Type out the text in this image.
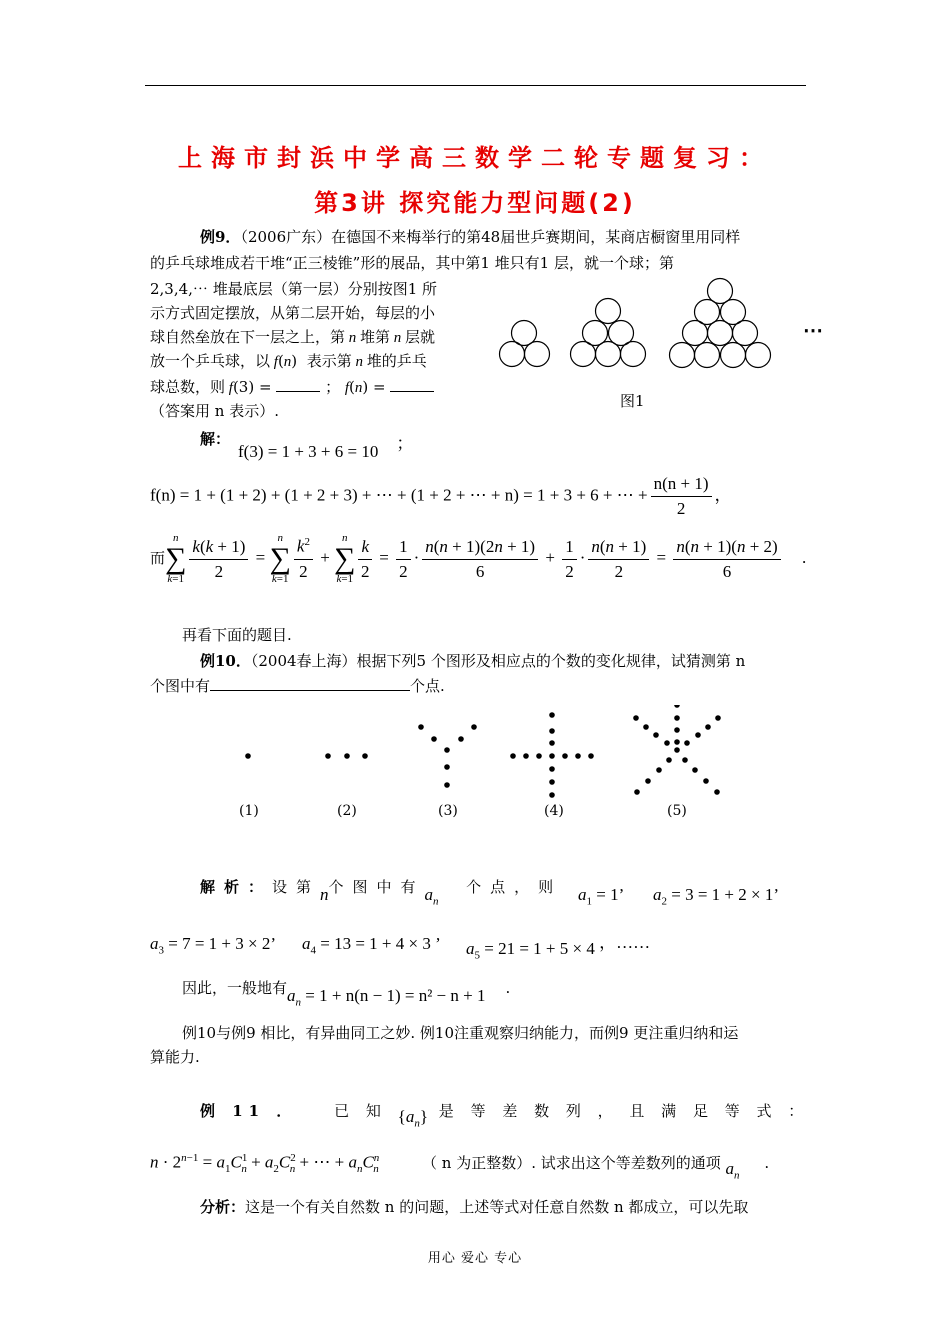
上海市封浜中学高三数学二轮专题复习：
第3讲 探究能力型问题(2)
例9．（2006广东）在德国不来梅举行的第48届世乒赛期间，某商店橱窗里用同样
的乒乓球堆成若干堆“正三棱锥”形的展品，其中第1 堆只有1 层，就一个球；第
2,3,4,⋯ 堆最底层（第一层）分别按图1 所
示方式固定摆放，从第二层开始，每层的小
球自然垒放在下一层之上，第 n 堆第 n 层就
放一个乒乓球，以 f(n)  表示第 n 堆的乒乓
球总数，则 f(3) =	； f(n) =
（答案用 n 表示）.
⋯
图1
解：
f(3) = 1 + 3 + 6 = 10 ；
f(n) = 1 + (1 + 2) + (1 + 2 + 3) + ⋯ + (1 + 2 + ⋯ + n) = 1 + 3 + 6 + ⋯ + $\frac{n(n + 1)}{2}$ ，
而n
∑
$k=1 \frac{k(k + 1)}{2} = n$
∑
$k=1 \frac{k^2}{2} + n$
∑
$k=1 \frac{k}{2} = \frac{1}{2} \cdot \frac{n(n + 1)(2n + 1)}{6} + \frac{1}{2} \cdot \frac{n(n + 1)}{2} = \frac{n(n + 1)(n + 2)}{6}$ .
再看下面的题目.
例10．（2004春上海）根据下列5 个图形及相应点的个数的变化规律，试猜测第 n
个图中有	个点.
(1)	(2)	(3)	(4)	(5)
解析：设第n个图中有$a_n$  个点，则 $a_1 = 1$’ $a_2 = 3 = 1 + 2 \times 1$’
$a_3 = 7 = 1 + 3 \times 2$’ $a_4 = 13 = 1 + 4 \times 3$ ’ $a_5 = 21 = 1 + 5 \times 4$ ，……
因此，一般地有$a_n = 1 + n(n - 1) = n^2 - n + 1$ .
例10与例9 相比，有异曲同工之妙. 例10注重观察归纳能力，而例9 更注重归纳和运
算能力.
例 11 ． 已 知 $\{a_n\}$ 是 等 差 数 列 ， 且 满 足 等 式 ：
$n \cdot 2^{n-1} = a_1C^1_n + a_2C^2_n$ + ⋯ + $a_nC^n_n$	（ n 为正整数）. 试求出这个等差数列的通项 $a_n$ .
分析：这是一个有关自然数 n 的问题，上述等式对任意自然数 n 都成立，可以先取
用心 爱心 专心
